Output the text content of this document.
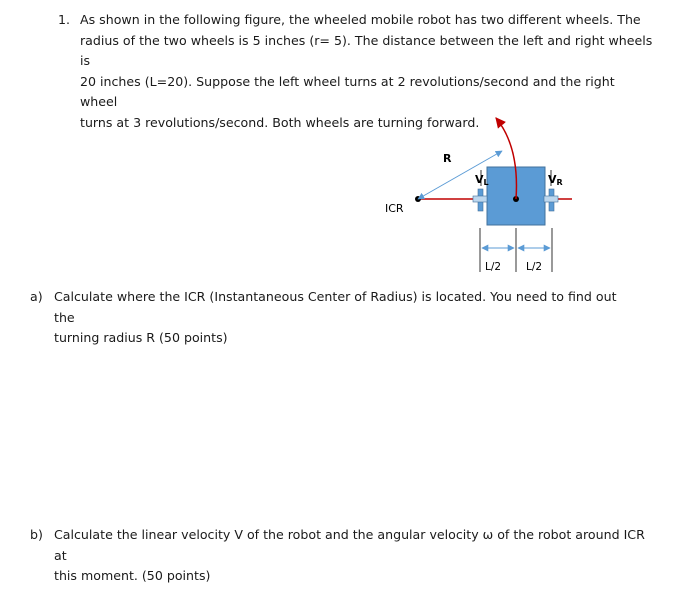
1. As shown in the following figure, the wheeled mobile robot has two different wheels. The
radius of the two wheels is 5 inches (r= 5). The distance between the left and right wheels is
20 inches (L=20). Suppose the left wheel turns at 2 revolutions/second and the right wheel
turns at 3 revolutions/second. Both wheels are turning forward.
R
ICR
VL	VR
L/2 L/2
a) Calculate where the ICR (Instantaneous Center of Radius) is located. You need to find out the
turning radius R (50 points)
b) Calculate the linear velocity V of the robot and the angular velocity ω of the robot around ICR at
this moment. (50 points)
